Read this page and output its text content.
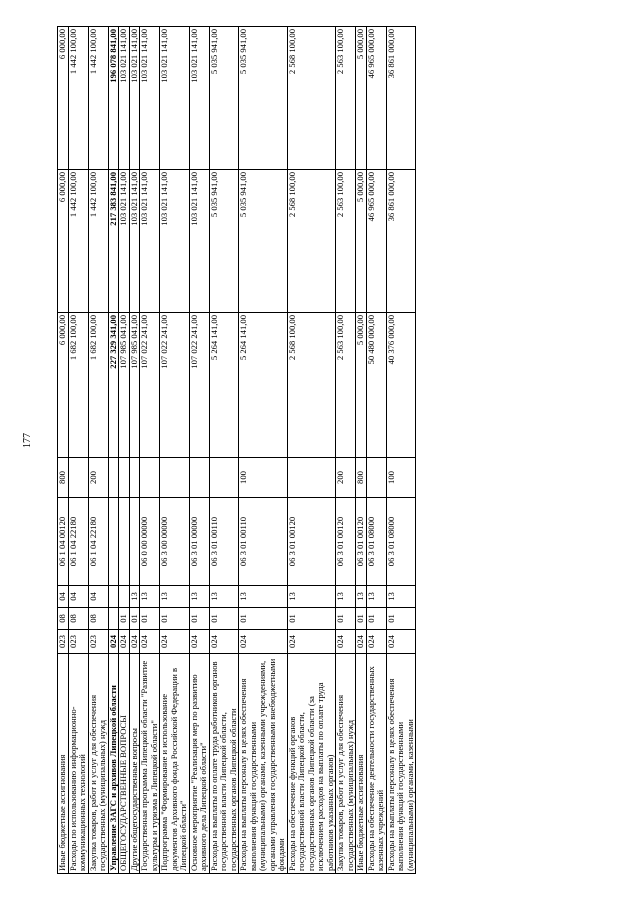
177
Иные бюджетные ассигнования	023	08	04	06 1 04 00120	800	6 000,00	6 000,00	6 000,00
Расходы по использованию информационно-коммуникационных технологий	023	08	04	06 1 04 22180		1 682 100,00	1 442 100,00	1 442 100,00
Закупка товаров, работ и услуг для обеспечения государственных (муниципальных) нужд	023	08	04	06 1 04 22180	200	1 682 100,00	1 442 100,00	1 442 100,00
Управление ЗАГС и архивов Липецкой области	024					227 329 341,00	217 383 841,00	196 078 841,00
ОБЩЕГОСУДАРСТВЕННЫЕ ВОПРОСЫ	024	01				107 985 041,00	103 021 141,00	103 021 141,00
Другие общегосударственные вопросы	024	01	13			107 985 041,00	103 021 141,00	103 021 141,00
Государственная программа Липецкой области "Развитие культуры и туризма в Липецкой области"	024	01	13	06 0 00 00000		107 022 241,00	103 021 141,00	103 021 141,00
Подпрограмма "Формирование и использование документов Архивного фонда Российской Федерации в Липецкой области"	024	01	13	06 3 00 00000		107 022 241,00	103 021 141,00	103 021 141,00
Основное мероприятие "Реализация мер по развитию архивного дела Липецкой области"	024	01	13	06 3 01 00000		107 022 241,00	103 021 141,00	103 021 141,00
Расходы на выплаты по оплате труда работников органов государственной власти Липецкой области, государственных органов Липецкой области	024	01	13	06 3 01 00110		5 264 141,00	5 035 941,00	5 035 941,00
Расходы на выплаты персоналу в целях обеспечения выполнения функций государственными (муниципальными) органами, казенными учреждениями, органами управления государственными внебюджетными фондами	024	01	13	06 3 01 00110	100	5 264 141,00	5 035 941,00	5 035 941,00
Расходы на обеспечение функций органов государственной власти Липецкой области, государственных органов Липецкой области (за исключением расходов на выплаты по оплате труда работников указанных органов)	024	01	13	06 3 01 00120		2 568 100,00	2 568 100,00	2 568 100,00
Закупка товаров, работ и услуг для обеспечения государственных (муниципальных) нужд	024	01	13	06 3 01 00120	200	2 563 100,00	2 563 100,00	2 563 100,00
Иные бюджетные ассигнования	024	01	13	06 3 01 00120	800	5 000,00	5 000,00	5 000,00
Расходы на обеспечение деятельности государственных казенных учреждений	024	01	13	06 3 01 08000		50 480 000,00	46 965 000,00	46 965 000,00
Расходы на выплаты персоналу в целях обеспечения выполнения функций государственными (муниципальными) органами, казенными	024	01	13	06 3 01 08000	100	40 376 000,00	36 861 000,00	36 861 000,00
